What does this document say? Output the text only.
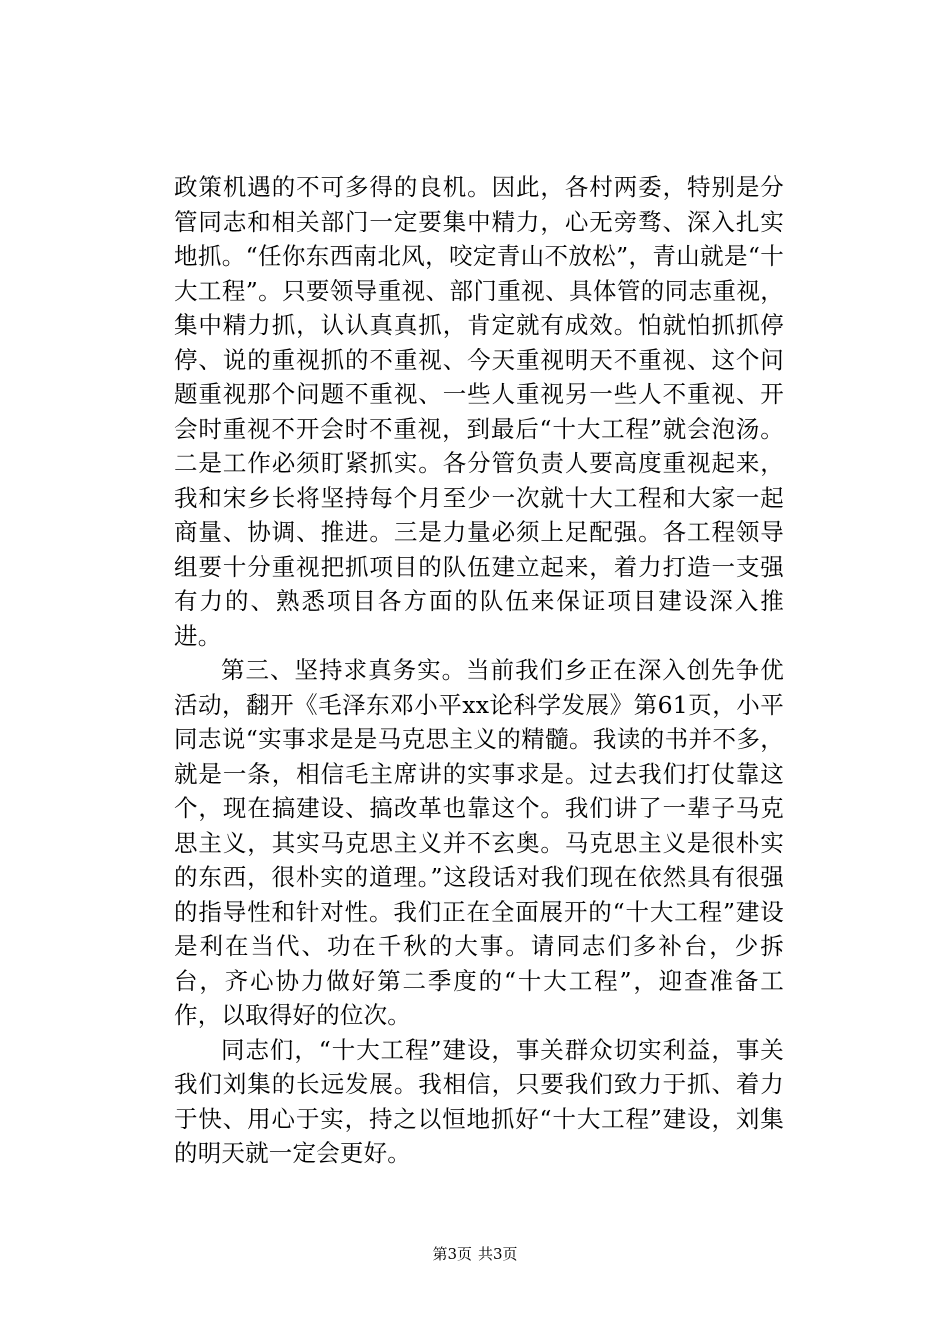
政策机遇的不可多得的良机。因此，各村两委，特别是分管同志和相关部门一定要集中精力，心无旁骛、深入扎实地抓。“任你东西南北风，咬定青山不放松”，青山就是“十大工程”。只要领导重视、部门重视、具体管的同志重视，集中精力抓，认认真真抓，肯定就有成效。怕就怕抓抓停停、说的重视抓的不重视、今天重视明天不重视、这个问题重视那个问题不重视、一些人重视另一些人不重视、开会时重视不开会时不重视，到最后“十大工程”就会泡汤。二是工作必须盯紧抓实。各分管负责人要高度重视起来，我和宋乡长将坚持每个月至少一次就十大工程和大家一起商量、协调、推进。三是力量必须上足配强。各工程领导组要十分重视把抓项目的队伍建立起来，着力打造一支强有力的、熟悉项目各方面的队伍来保证项目建设深入推进。

第三、坚持求真务实。当前我们乡正在深入创先争优活动，翻开《毛泽东邓小平xx论科学发展》第61页，小平同志说“实事求是是马克思主义的精髓。我读的书并不多，就是一条，相信毛主席讲的实事求是。过去我们打仗靠这个，现在搞建设、搞改革也靠这个。我们讲了一辈子马克思主义，其实马克思主义并不玄奥。马克思主义是很朴实的东西，很朴实的道理。”这段话对我们现在依然具有很强的指导性和针对性。我们正在全面展开的“十大工程”建设是利在当代、功在千秋的大事。请同志们多补台，少拆台，齐心协力做好第二季度的“十大工程”，迎查准备工作，以取得好的位次。

同志们，“十大工程”建设，事关群众切实利益，事关我们刘集的长远发展。我相信，只要我们致力于抓、着力于快、用心于实，持之以恒地抓好“十大工程”建设，刘集的明天就一定会更好。

第3页 共3页
